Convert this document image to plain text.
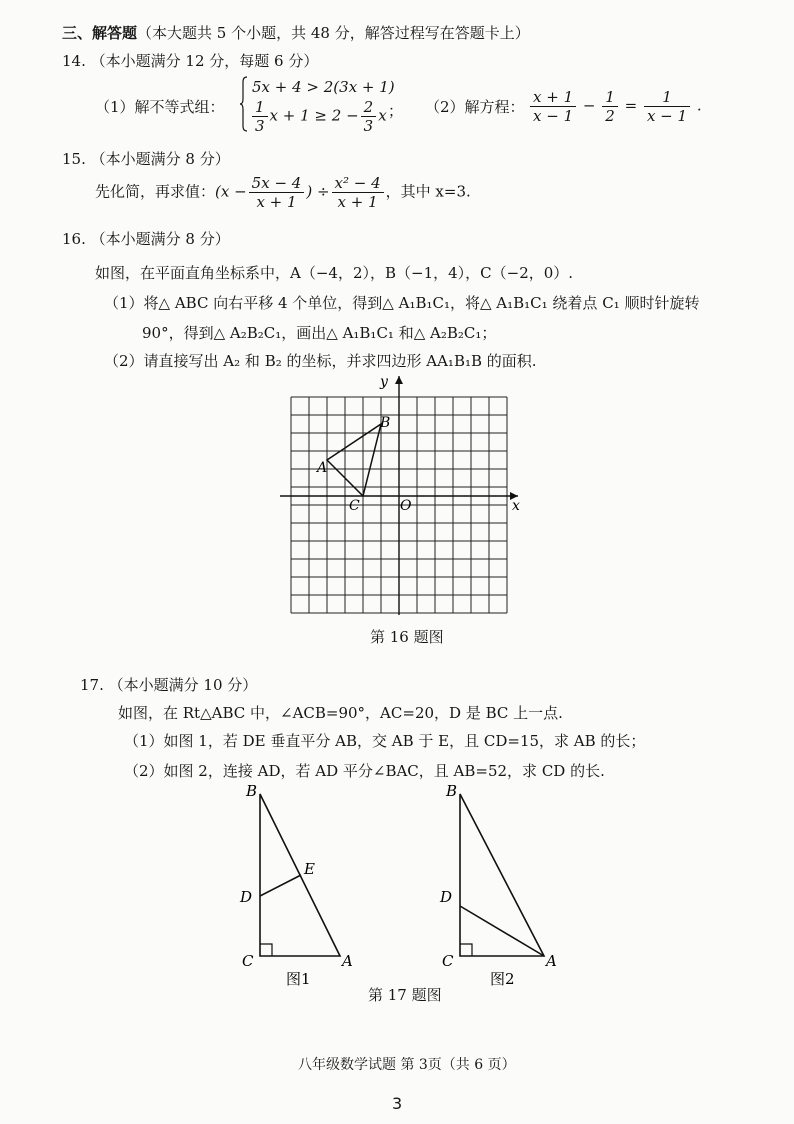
三、解答题（本大题共 5 个小题，共 48 分，解答过程写在答题卡上）
14. （本小题满分 12 分，每题 6 分）
（1）解不等式组：
5x + 4 > 2(3x + 1)
$\frac{1}{3}$ $x + 1 \ge 2 - \frac{2}{3}$ x ； （2）解方程： $\frac{x + 1}{x - 1} - \frac{1}{2} = \frac{1}{x - 1}$ .
15. （本小题满分 8 分）
先化简，再求值：($x - \frac{5x - 4}{x + 1}$ ) ÷ $\frac{\text{x² − 4}}{x + 1}$ ，其中 x=3.
16. （本小题满分 8 分）
如图，在平面直角坐标系中，A（−4，2），B（−1，4），C（−2，0）.
（1）将△ ABC 向右平移 4 个单位，得到△ A₁B₁C₁，将△ A₁B₁C₁ 绕着点 C₁ 顺时针旋转
90°，得到△ A₂B₂C₁，画出△ A₁B₁C₁ 和△ A₂B₂C₁；
（2）请直接写出 A₂ 和 B₂ 的坐标，并求四边形 AA₁B₁B 的面积.
A
B
C	O	x
y
第 16 题图
17. （本小题满分 10 分）
如图，在 Rt△ABC 中，∠ACB=90°，AC=20，D 是 BC 上一点.
（1）如图 1，若 DE 垂直平分 AB，交 AB 于 E，且 CD=15，求 AB 的长；
（2）如图 2，连接 AD，若 AD 平分∠BAC，且 AB=52，求 CD 的长.
B
D
E
C	A
图1
B
D
C	A
图2
第 17 题图
八年级数学试题 第 3页（共 6 页）
3
